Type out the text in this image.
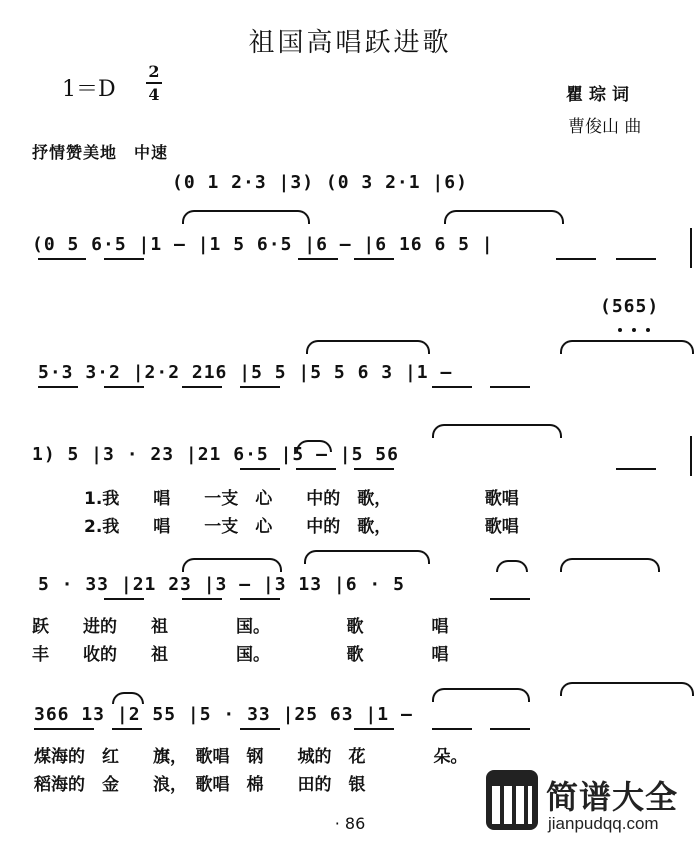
祖国高唱跃进歌
1＝D
2
4	瞿琮词
曹俊山 曲
抒情赞美地　中速
(0 1 2·3 |3) (0 3 2·1 |6)
(0 5 6·5 |1 — |1 5 6·5 |6 — |6 16 6 5 |
(565)
5·3 3·2 |2·2 216 |5 5 |5 5 6 3 |1 —
1) 5 |3 · 23 |21 6·5 |5 — |5 56
1.我　　唱　　一支　心　　中的　歌，　　　　　　歌唱
2.我　　唱　　一支　心　　中的　歌，　　　　　　歌唱
5 · 33 |21 23 |3 — |3 13 |6 · 5
跃　　进的　　祖　　　　国。　　　　　歌　　　　唱
丰　　收的　　祖　　　　国。　　　　　歌　　　　唱
366 13 |2 55 |5 · 33 |25 63 |1 —
煤海的　红　　旗，　歌唱　钢　　城的　花　　　　朵。
稻海的　金　　浪，　歌唱　棉　　田的　银
· 86
简谱大全
jianpudqq.com
